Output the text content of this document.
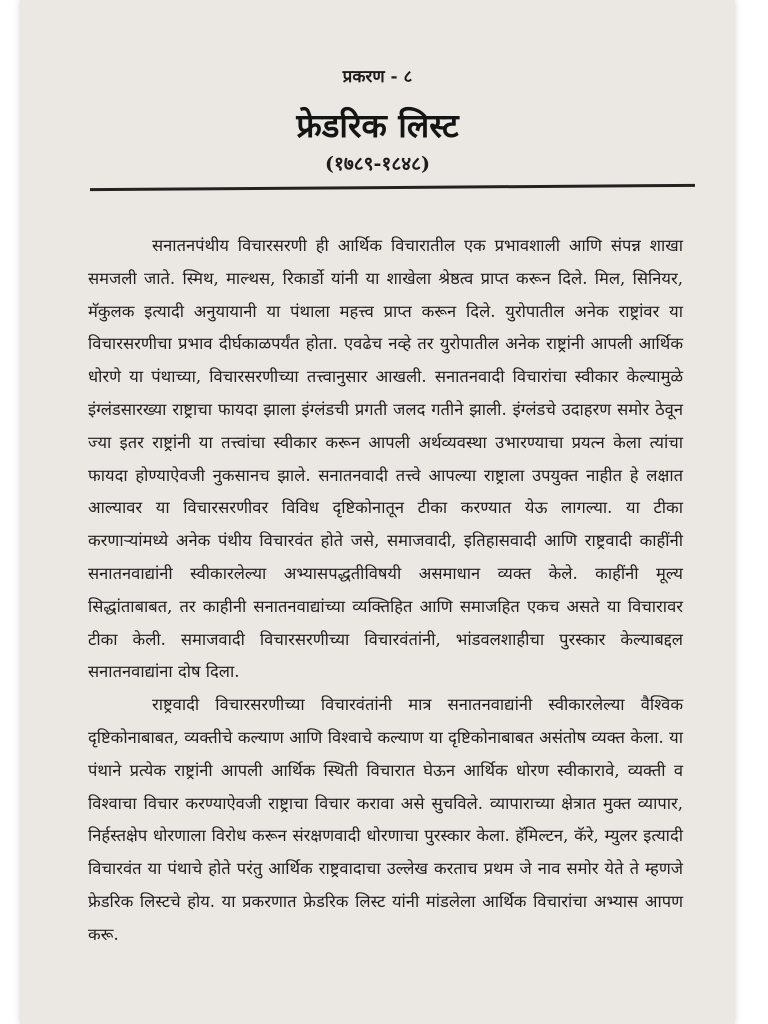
प्रकरण - ८
फ्रेडरिक लिस्ट
(१७८९-१८४८)

सनातनपंथीय विचारसरणी ही आर्थिक विचारातील एक प्रभावशाली आणि संपन्न शाखा समजली जाते. स्मिथ, माल्थस, रिकार्डो यांनी या शाखेला श्रेष्ठत्व प्राप्त करून दिले. मिल, सिनियर, मॅकुलक इत्यादी अनुयायानी या पंथाला महत्त्व प्राप्त करून दिले. युरोपातील अनेक राष्ट्रांवर या विचारसरणीचा प्रभाव दीर्घकाळपर्यंत होता. एवढेच नव्हे तर युरोपातील अनेक राष्ट्रांनी आपली आर्थिक धोरणे या पंथाच्या, विचारसरणीच्या तत्त्वानुसार आखली. सनातनवादी विचारांचा स्वीकार केल्यामुळे इंग्लंडसारख्या राष्ट्राचा फायदा झाला इंग्लंडची प्रगती जलद गतीने झाली. इंग्लंडचे उदाहरण समोर ठेवून ज्या इतर राष्ट्रांनी या तत्त्वांचा स्वीकार करून आपली अर्थव्यवस्था उभारण्याचा प्रयत्न केला त्यांचा फायदा होण्याऐवजी नुकसानच झाले. सनातनवादी तत्त्वे आपल्या राष्ट्राला उपयुक्त नाहीत हे लक्षात आल्यावर या विचारसरणीवर विविध दृष्टिकोनातून टीका करण्यात येऊ लागल्या. या टीका करणाऱ्यांमध्ये अनेक पंथीय विचारवंत होते जसे, समाजवादी, इतिहासवादी आणि राष्ट्रवादी काहींनी सनातनवाद्यांनी स्वीकारलेल्या अभ्यासपद्धतीविषयी असमाधान व्यक्त केले. काहींनी मूल्य सिद्धांताबाबत, तर काहीनी सनातनवाद्यांच्या व्यक्तिहित आणि समाजहित एकच असते या विचारावर टीका केली. समाजवादी विचारसरणीच्या विचारवंतांनी, भांडवलशाहीचा पुरस्कार केल्याबद्दल सनातनवाद्यांना दोष दिला.

राष्ट्रवादी विचारसरणीच्या विचारवंतांनी मात्र सनातनवाद्यांनी स्वीकारलेल्या वैश्विक दृष्टिकोनाबाबत, व्यक्तीचे कल्याण आणि विश्वाचे कल्याण या दृष्टिकोनाबाबत असंतोष व्यक्त केला. या पंथाने प्रत्येक राष्ट्रांनी आपली आर्थिक स्थिती विचारात घेऊन आर्थिक धोरण स्वीकारावे, व्यक्ती व विश्वाचा विचार करण्याऐवजी राष्ट्राचा विचार करावा असे सुचविले. व्यापाराच्या क्षेत्रात मुक्त व्यापार, निर्हस्तक्षेप धोरणाला विरोध करून संरक्षणवादी धोरणाचा पुरस्कार केला. हॅमिल्टन, कॅरे, म्युलर इत्यादी विचारवंत या पंथाचे होते परंतु आर्थिक राष्ट्रवादाचा उल्लेख करताच प्रथम जे नाव समोर येते ते म्हणजे फ्रेडरिक लिस्टचे होय. या प्रकरणात फ्रेडरिक लिस्ट यांनी मांडलेला आर्थिक विचारांचा अभ्यास आपण करू.
